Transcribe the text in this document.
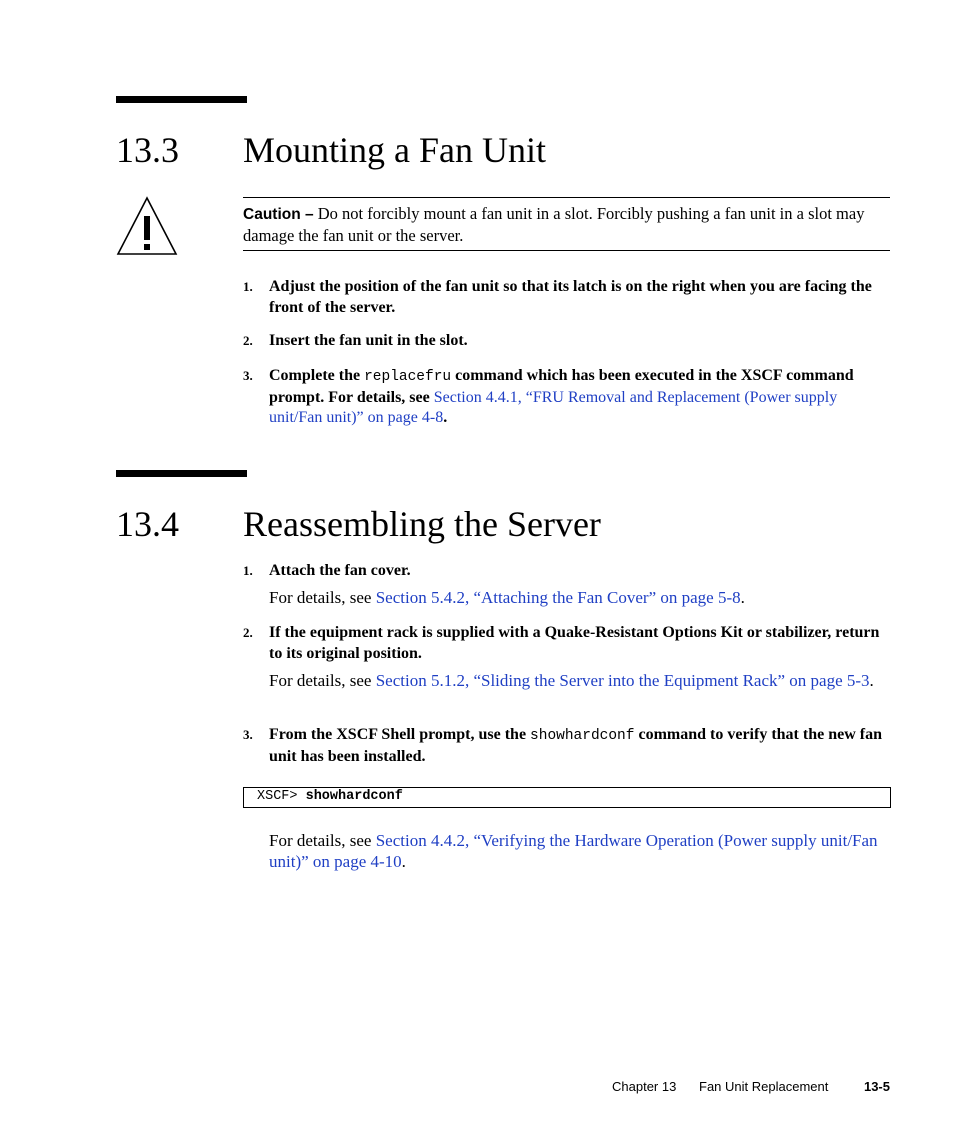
13.3 Mounting a Fan Unit
Caution – Do not forcibly mount a fan unit in a slot. Forcibly pushing a fan unit in a slot may damage the fan unit or the server.
1. Adjust the position of the fan unit so that its latch is on the right when you are facing the front of the server.
2. Insert the fan unit in the slot.
3. Complete the replacefru command which has been executed in the XSCF command prompt. For details, see Section 4.4.1, “FRU Removal and Replacement (Power supply unit/Fan unit)” on page 4-8.
13.4 Reassembling the Server
1. Attach the fan cover.
For details, see Section 5.4.2, “Attaching the Fan Cover” on page 5-8.
2. If the equipment rack is supplied with a Quake-Resistant Options Kit or stabilizer, return to its original position.
For details, see Section 5.1.2, “Sliding the Server into the Equipment Rack” on page 5-3.
3. From the XSCF Shell prompt, use the showhardconf command to verify that the new fan unit has been installed.
XSCF> showhardconf
For details, see Section 4.4.2, “Verifying the Hardware Operation (Power supply unit/Fan unit)” on page 4-10.
Chapter 13 Fan Unit Replacement	13-5
